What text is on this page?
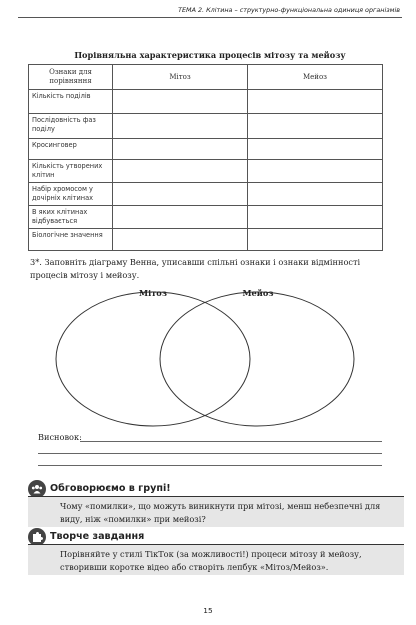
ТЕМА 2. Клітина – структурно-функціональна одиниця організмів
Порівняльна характеристика процесів мітозу та мейозу
Ознаки для порівняння	Мітоз	Мейоз
Кількість поділів		
Послідовність фаз поділу		
Кросинговер		
Кількість утворених клітин		
Набір хромосом у дочірніх клітинах		
В яких клітинах відбувається		
Біологічне значення		
3*. Заповніть діаграму Венна, уписавши спільні ознаки і ознаки відмінності процесів мітозу і мейозу.
Мітоз	Мейоз
Висновок:
Обговорюємо в групі!
Чому «помилки», що можуть виникнути при мітозі, менш небезпечні для виду, ніж «помилки» при мейозі?
Творче завдання
Порівняйте у стилі ТікТок (за можливості!) процеси мітозу й мейозу, створивши коротке відео або створіть лепбук «Мітоз/Мейоз».
15
